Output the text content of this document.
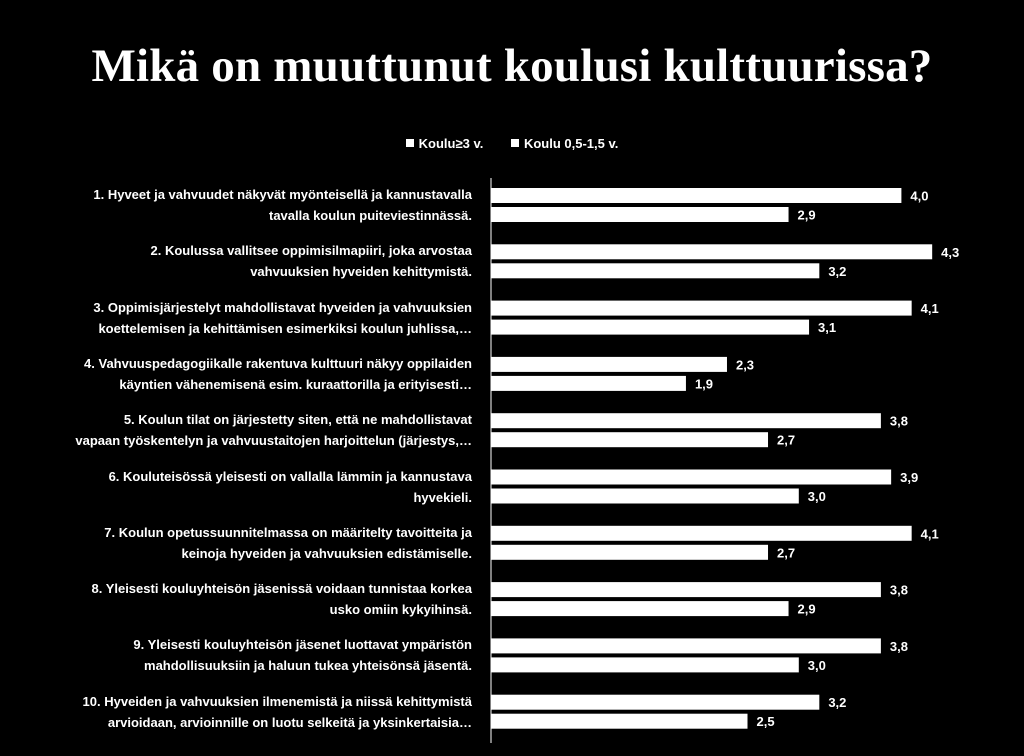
Mikä on muuttunut koulusi kulttuurissa?
Koulu≥3 v.	Koulu 0,5-1,5 v.
1. Hyveet ja vahvuudet näkyvät myönteisellä ja kannustavalla
tavalla koulun puiteviestinnässä.
2. Koulussa vallitsee oppimisilmapiiri, joka arvostaa
vahvuuksien hyveiden kehittymistä.
3. Oppimisjärjestelyt mahdollistavat hyveiden ja vahvuuksien
koettelemisen ja kehittämisen esimerkiksi koulun juhlissa,…
4. Vahvuuspedagogiikalle rakentuva kulttuuri näkyy oppilaiden
käyntien vähenemisenä esim. kuraattorilla ja erityisesti…
5. Koulun tilat on järjestetty siten, että ne mahdollistavat
vapaan työskentelyn ja vahvuustaitojen harjoittelun (järjestys,…
6. Kouluteisössä yleisesti on vallalla lämmin ja kannustava
hyvekieli.
7. Koulun opetussuunnitelmassa on määritelty tavoitteita ja
keinoja hyveiden ja vahvuuksien edistämiselle.
8. Yleisesti kouluyhteisön jäsenissä voidaan tunnistaa korkea
usko omiin kykyihinsä.
9. Yleisesti kouluyhteisön jäsenet luottavat ympäristön
mahdollisuuksiin ja haluun tukea yhteisönsä jäsentä.
10. Hyveiden ja vahvuuksien ilmenemistä ja niissä kehittymistä
arvioidaan, arvioinnille on luotu selkeitä ja yksinkertaisia…
4,0
2,9
4,3
3,2
4,1
3,1
2,3
1,9
3,8
2,7
3,9
3,0
4,1
2,7
3,8
2,9
3,8
3,0
3,2
2,5
